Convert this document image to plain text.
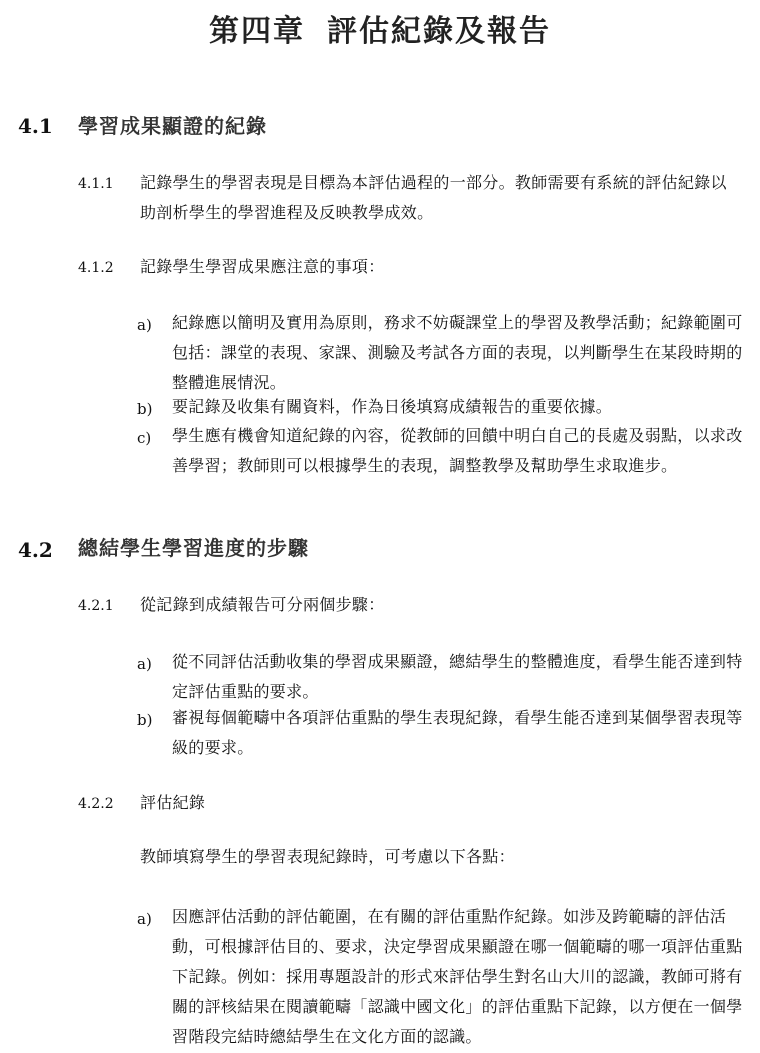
第四章 評估紀錄及報告
4.1 學習成果顯證的紀錄
4.1.1 記錄學生的學習表現是目標為本評估過程的一部分。教師需要有系統的評估紀錄以助剖析學生的學習進程及反映教學成效。
4.1.2 記錄學生學習成果應注意的事項：
a) 紀錄應以簡明及實用為原則，務求不妨礙課堂上的學習及教學活動；紀錄範圍可包括：課堂的表現、家課、測驗及考試各方面的表現，以判斷學生在某段時期的整體進展情況。
b) 要記錄及收集有關資料，作為日後填寫成績報告的重要依據。
c) 學生應有機會知道紀錄的內容，從教師的回饋中明白自己的長處及弱點，以求改善學習；教師則可以根據學生的表現，調整教學及幫助學生求取進步。
4.2 總結學生學習進度的步驟
4.2.1 從記錄到成績報告可分兩個步驟：
a) 從不同評估活動收集的學習成果顯證，總結學生的整體進度，看學生能否達到特定評估重點的要求。
b) 審視每個範疇中各項評估重點的學生表現紀錄，看學生能否達到某個學習表現等級的要求。
4.2.2 評估紀錄
教師填寫學生的學習表現紀錄時，可考慮以下各點：
a) 因應評估活動的評估範圍，在有關的評估重點作紀錄。如涉及跨範疇的評估活動，可根據評估目的、要求，決定學習成果顯證在哪一個範疇的哪一項評估重點下記錄。例如：採用專題設計的形式來評估學生對名山大川的認識，教師可將有關的評核結果在閱讀範疇「認識中國文化」的評估重點下記錄，以方便在一個學習階段完結時總結學生在文化方面的認識。
